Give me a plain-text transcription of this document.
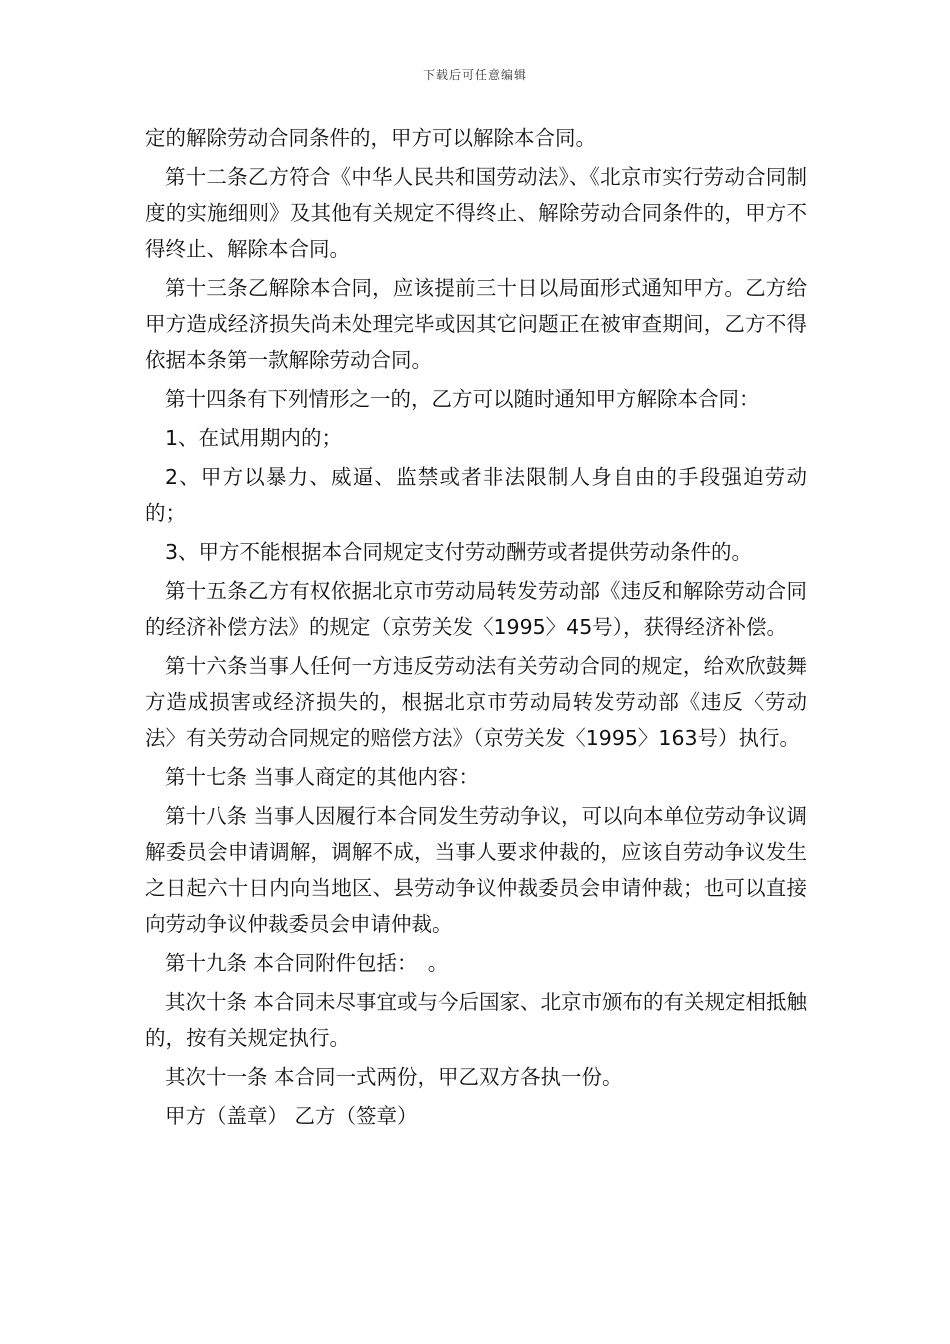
下载后可任意编辑

定的解除劳动合同条件的，甲方可以解除本合同。

第十二条乙方符合《中华人民共和国劳动法》、《北京市实行劳动合同制度的实施细则》及其他有关规定不得终止、解除劳动合同条件的，甲方不得终止、解除本合同。

第十三条乙解除本合同，应该提前三十日以局面形式通知甲方。乙方给甲方造成经济损失尚未处理完毕或因其它问题正在被审查期间，乙方不得依据本条第一款解除劳动合同。

第十四条有下列情形之一的，乙方可以随时通知甲方解除本合同：

1、在试用期内的；

2、甲方以暴力、威逼、监禁或者非法限制人身自由的手段强迫劳动的；

3、甲方不能根据本合同规定支付劳动酬劳或者提供劳动条件的。

第十五条乙方有权依据北京市劳动局转发劳动部《违反和解除劳动合同的经济补偿方法》的规定（京劳关发〈1995〉45号），获得经济补偿。

第十六条当事人任何一方违反劳动法有关劳动合同的规定，给欢欣鼓舞方造成损害或经济损失的，根据北京市劳动局转发劳动部《违反〈劳动法〉有关劳动合同规定的赔偿方法》（京劳关发〈1995〉163号）执行。

第十七条 当事人商定的其他内容：

第十八条 当事人因履行本合同发生劳动争议，可以向本单位劳动争议调解委员会申请调解，调解不成，当事人要求仲裁的，应该自劳动争议发生之日起六十日内向当地区、县劳动争议仲裁委员会申请仲裁；也可以直接向劳动争议仲裁委员会申请仲裁。

第十九条 本合同附件包括：　。

其次十条 本合同未尽事宜或与今后国家、北京市颁布的有关规定相抵触的，按有关规定执行。

其次十一条 本合同一式两份，甲乙双方各执一份。

甲方（盖章） 乙方（签章）
